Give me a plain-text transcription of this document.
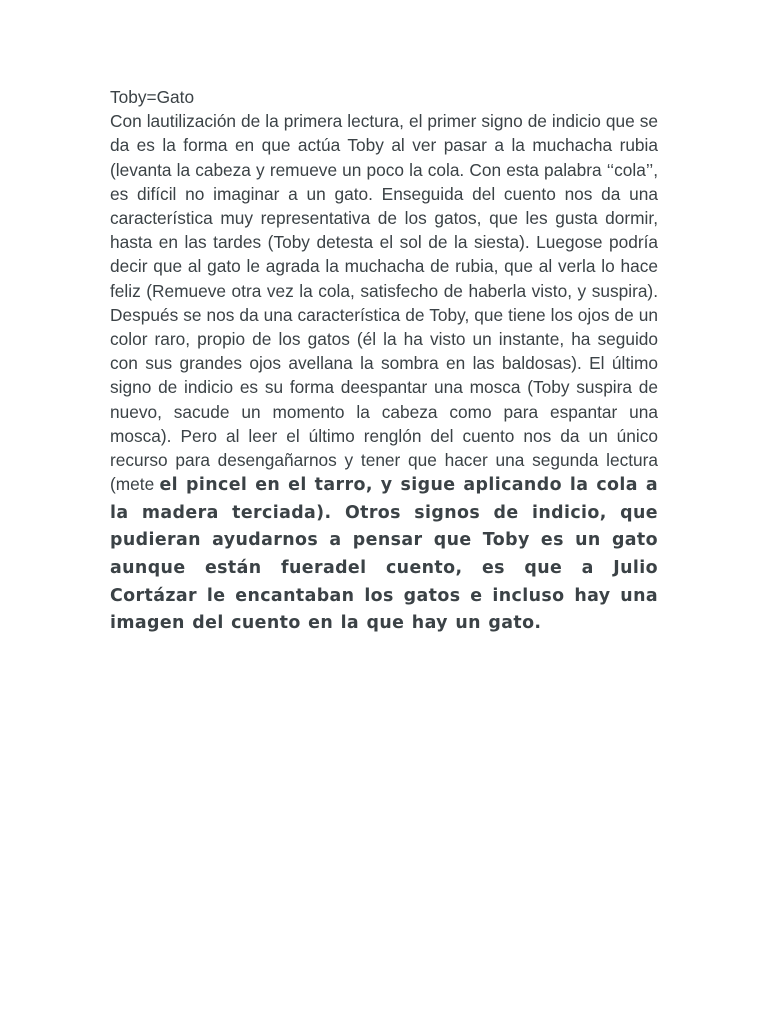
Toby=Gato

Con lautilización de la primera lectura, el primer signo de indicio que se da es la forma en que actúa Toby al ver pasar a la muchacha rubia (levanta la cabeza y remueve un poco la cola. Con esta palabra ‘‘cola’’, es difícil no imaginar a un gato. Enseguida del cuento nos da una característica muy representativa de los gatos, que les gusta dormir, hasta en las tardes (Toby detesta el sol de la siesta). Luegose podría decir que al gato le agrada la muchacha de rubia, que al verla lo hace feliz (Remueve otra vez la cola, satisfecho de haberla visto, y suspira). Después se nos da una característica de Toby, que tiene los ojos de un color raro, propio de los gatos (él la ha visto un instante, ha seguido con sus grandes ojos avellana la sombra en las baldosas). El último signo de indicio es su forma deespantar una mosca (Toby suspira de nuevo, sacude un momento la cabeza como para espantar una mosca). Pero al leer el último renglón del cuento nos da un único recurso para desengañarnos y tener que hacer una segunda lectura (mete el pincel en el tarro, y sigue aplicando la cola a la madera terciada). Otros signos de indicio, que pudieran ayudarnos a pensar que Toby es un gato aunque están fueradel cuento, es que a Julio Cortázar le encantaban los gatos e incluso hay una imagen del cuento en la que hay un gato.
